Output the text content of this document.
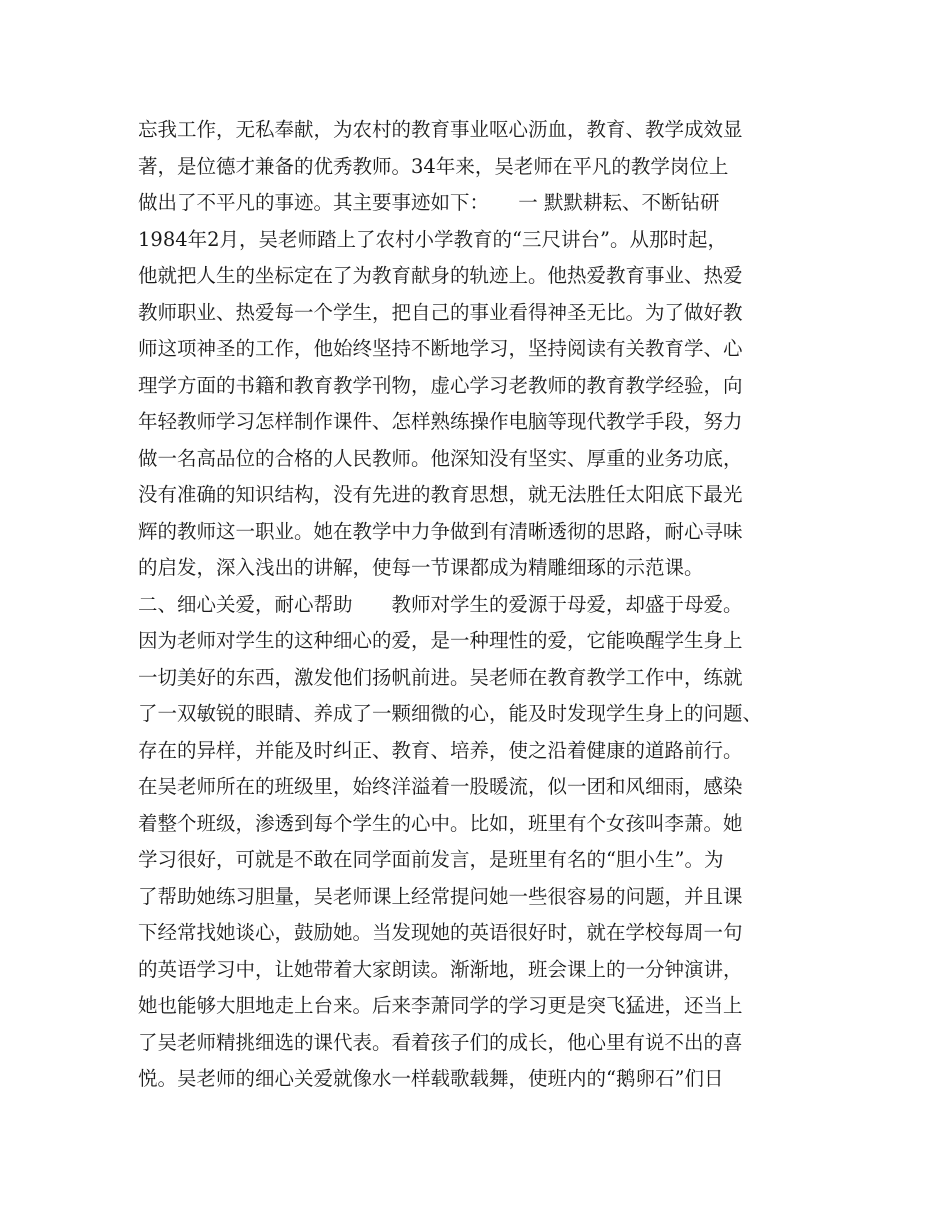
忘我工作，无私奉献，为农村的教育事业呕心沥血，教育、教学成效显
著，是位德才兼备的优秀教师。34年来，吴老师在平凡的教学岗位上
做出了不平凡的事迹。其主要事迹如下：　　一 默默耕耘、不断钻研
1984年2月，吴老师踏上了农村小学教育的“三尺讲台”。从那时起，
他就把人生的坐标定在了为教育献身的轨迹上。他热爱教育事业、热爱
教师职业、热爱每一个学生，把自己的事业看得神圣无比。为了做好教
师这项神圣的工作，他始终坚持不断地学习，坚持阅读有关教育学、心
理学方面的书籍和教育教学刊物，虚心学习老教师的教育教学经验，向
年轻教师学习怎样制作课件、怎样熟练操作电脑等现代教学手段，努力
做一名高品位的合格的人民教师。他深知没有坚实、厚重的业务功底，
没有准确的知识结构，没有先进的教育思想，就无法胜任太阳底下最光
辉的教师这一职业。她在教学中力争做到有清晰透彻的思路，耐心寻味
的启发，深入浅出的讲解，使每一节课都成为精雕细琢的示范课。
二、细心关爱，耐心帮助　　教师对学生的爱源于母爱，却盛于母爱。
因为老师对学生的这种细心的爱，是一种理性的爱，它能唤醒学生身上
一切美好的东西，激发他们扬帆前进。吴老师在教育教学工作中，练就
了一双敏锐的眼睛、养成了一颗细微的心，能及时发现学生身上的问题、
存在的异样，并能及时纠正、教育、培养，使之沿着健康的道路前行。
在吴老师所在的班级里，始终洋溢着一股暖流，似一团和风细雨，感染
着整个班级，渗透到每个学生的心中。比如，班里有个女孩叫李萧。她
学习很好，可就是不敢在同学面前发言，是班里有名的“胆小生”。为
了帮助她练习胆量，吴老师课上经常提问她一些很容易的问题，并且课
下经常找她谈心，鼓励她。当发现她的英语很好时，就在学校每周一句
的英语学习中，让她带着大家朗读。渐渐地，班会课上的一分钟演讲，
她也能够大胆地走上台来。后来李萧同学的学习更是突飞猛进，还当上
了吴老师精挑细选的课代表。看着孩子们的成长，他心里有说不出的喜
悦。吴老师的细心关爱就像水一样载歌载舞，使班内的“鹅卵石”们日
